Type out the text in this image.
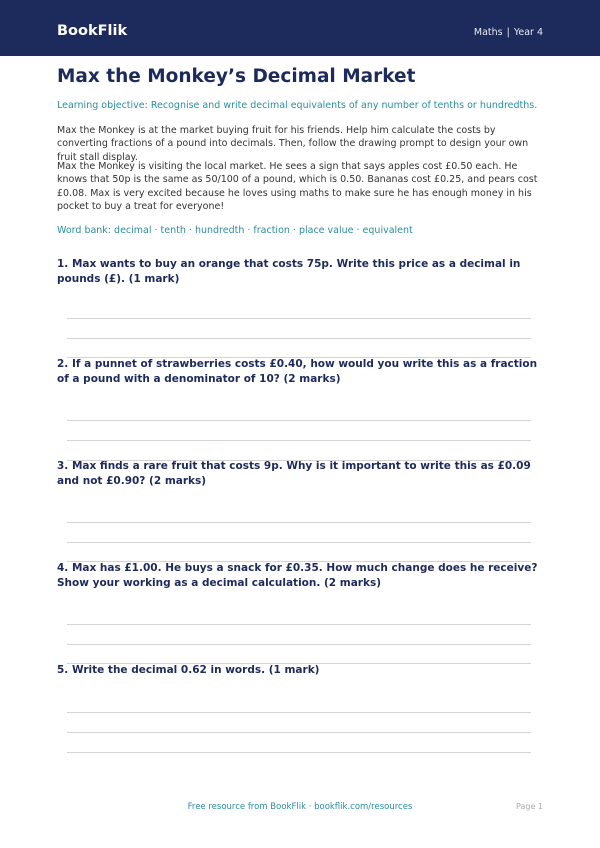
BookFlik	Maths | Year 4
Max the Monkey’s Decimal Market
Learning objective: Recognise and write decimal equivalents of any number of tenths or hundredths.
Max the Monkey is at the market buying fruit for his friends. Help him calculate the costs by converting fractions of a pound into decimals. Then, follow the drawing prompt to design your own fruit stall display.
Max the Monkey is visiting the local market. He sees a sign that says apples cost £0.50 each. He knows that 50p is the same as 50/100 of a pound, which is 0.50. Bananas cost £0.25, and pears cost £0.08. Max is very excited because he loves using maths to make sure he has enough money in his pocket to buy a treat for everyone!
Word bank: decimal · tenth · hundredth · fraction · place value · equivalent
1. Max wants to buy an orange that costs 75p. Write this price as a decimal in pounds (£). (1 mark)
2. If a punnet of strawberries costs £0.40, how would you write this as a fraction of a pound with a denominator of 10? (2 marks)
3. Max finds a rare fruit that costs 9p. Why is it important to write this as £0.09 and not £0.90? (2 marks)
4. Max has £1.00. He buys a snack for £0.35. How much change does he receive? Show your working as a decimal calculation. (2 marks)
5. Write the decimal 0.62 in words. (1 mark)
Free resource from BookFlik · bookflik.com/resources	Page 1
